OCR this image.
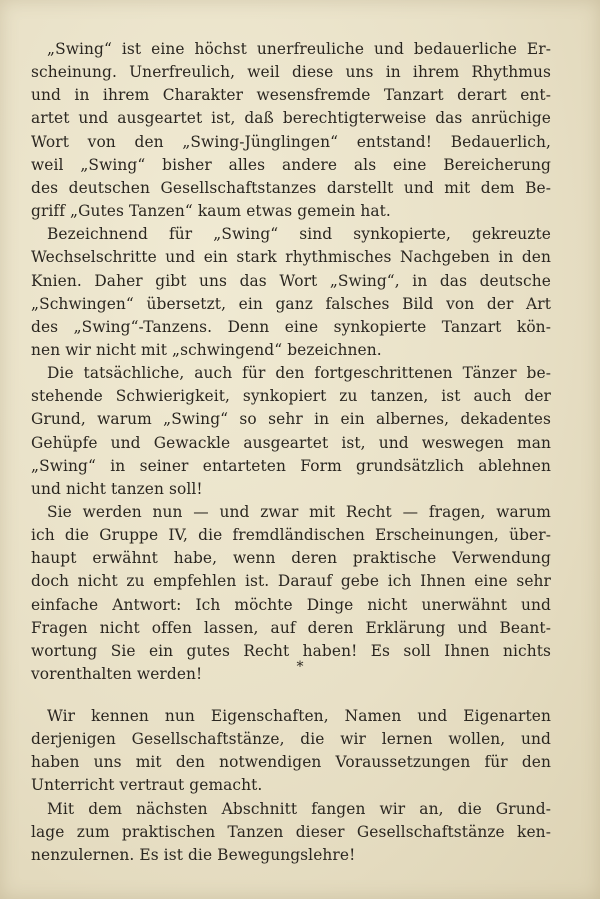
„Swing“ ist eine höchst unerfreuliche und bedauerliche Er-

scheinung. Unerfreulich, weil diese uns in ihrem Rhythmus

und in ihrem Charakter wesensfremde Tanzart derart ent-

artet und ausgeartet ist, daß berechtigterweise das anrüchige

Wort von den „Swing-Jünglingen“ entstand! Bedauerlich,

weil „Swing“ bisher alles andere als eine Bereicherung

des deutschen Gesellschaftstanzes darstellt und mit dem Be-

griff „Gutes Tanzen“ kaum etwas gemein hat.

Bezeichnend für „Swing“ sind synkopierte, gekreuzte

Wechselschritte und ein stark rhythmisches Nachgeben in den

Knien. Daher gibt uns das Wort „Swing“, in das deutsche

„Schwingen“ übersetzt, ein ganz falsches Bild von der Art

des „Swing“-Tanzens. Denn eine synkopierte Tanzart kön-

nen wir nicht mit „schwingend“ bezeichnen.

Die tatsächliche, auch für den fortgeschrittenen Tänzer be-

stehende Schwierigkeit, synkopiert zu tanzen, ist auch der

Grund, warum „Swing“ so sehr in ein albernes, dekadentes

Gehüpfe und Gewackle ausgeartet ist, und weswegen man

„Swing“ in seiner entarteten Form grundsätzlich ablehnen

und nicht tanzen soll!

Sie werden nun — und zwar mit Recht — fragen, warum

ich die Gruppe IV, die fremdländischen Erscheinungen, über-

haupt erwähnt habe, wenn deren praktische Verwendung

doch nicht zu empfehlen ist. Darauf gebe ich Ihnen eine sehr

einfache Antwort: Ich möchte Dinge nicht unerwähnt und

Fragen nicht offen lassen, auf deren Erklärung und Beant-

wortung Sie ein gutes Recht haben! Es soll Ihnen nichts

vorenthalten werden!	*

Wir kennen nun Eigenschaften, Namen und Eigenarten

derjenigen Gesellschaftstänze, die wir lernen wollen, und

haben uns mit den notwendigen Voraussetzungen für den

Unterricht vertraut gemacht.

Mit dem nächsten Abschnitt fangen wir an, die Grund-

lage zum praktischen Tanzen dieser Gesellschaftstänze ken-

nenzulernen. Es ist die Bewegungslehre!
